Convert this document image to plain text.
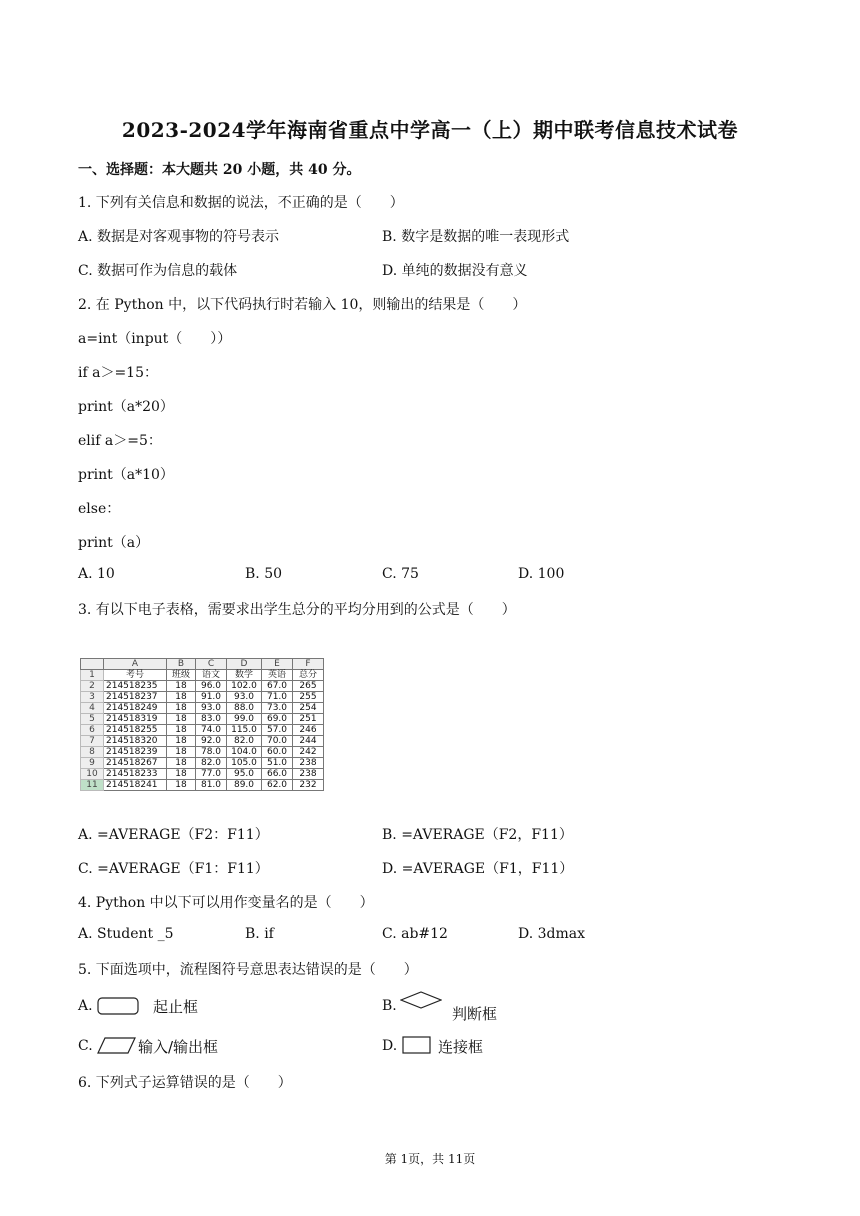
2023-2024学年海南省重点中学高一（上）期中联考信息技术试卷
一、选择题：本大题共 20 小题，共 40 分。
1. 下列有关信息和数据的说法，不正确的是（　　）
A. 数据是对客观事物的符号表示	B. 数字是数据的唯一表现形式
C. 数据可作为信息的载体	D. 单纯的数据没有意义
2. 在 Python 中，以下代码执行时若输入 10，则输出的结果是（　　）
a=int（input（　　））
if a＞=15：
print（a*20）
elif a＞=5：
print（a*10）
else：
print（a）
A. 10	B. 50	C. 75	D. 100
3. 有以下电子表格，需要求出学生总分的平均分用到的公式是（　　）
	A	B	C	D	E	F
1	考号	班级	语文	数学	英语	总分
2	214518235	18	96.0	102.0	67.0	265
3	214518237	18	91.0	93.0	71.0	255
4	214518249	18	93.0	88.0	73.0	254
5	214518319	18	83.0	99.0	69.0	251
6	214518255	18	74.0	115.0	57.0	246
7	214518320	18	92.0	82.0	70.0	244
8	214518239	18	78.0	104.0	60.0	242
9	214518267	18	82.0	105.0	51.0	238
10	214518233	18	77.0	95.0	66.0	238
11	214518241	18	81.0	89.0	62.0	232
A. =AVERAGE（F2：F11）	B. =AVERAGE（F2，F11）
C. =AVERAGE（F1：F11）	D. =AVERAGE（F1，F11）
4. Python 中以下可以用作变量名的是（　　）
A. Student _5	B. if	C. ab#12	D. 3dmax
5. 下面选项中，流程图符号意思表达错误的是（　　）
A.	起止框	B.	判断框
C.	输入/输出框	D.	连接框
6. 下列式子运算错误的是（　　）
第 1页，共 11页
